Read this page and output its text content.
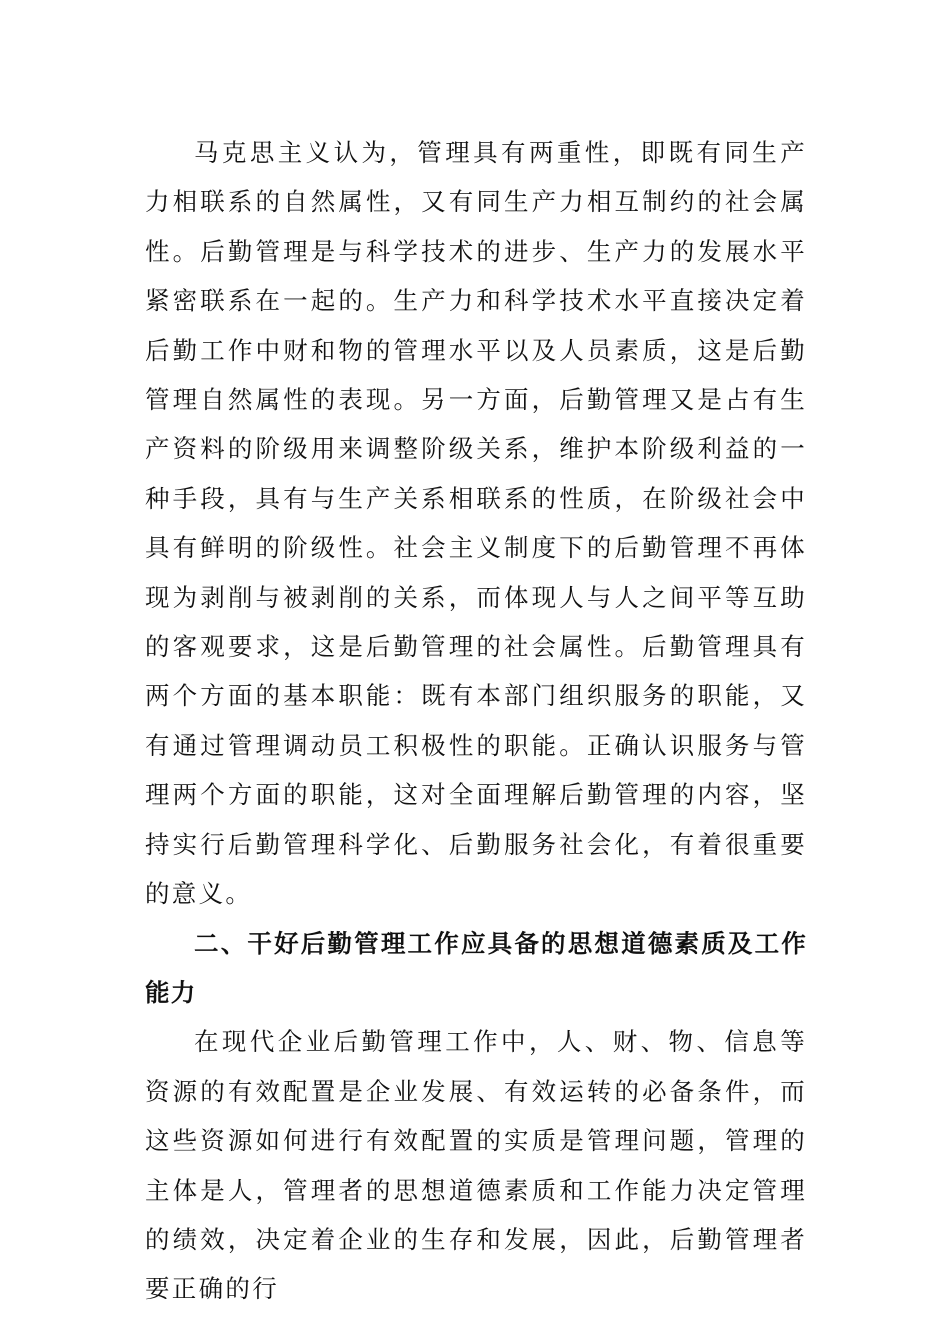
马克思主义认为，管理具有两重性，即既有同生产力相联系的自然属性，又有同生产力相互制约的社会属性。后勤管理是与科学技术的进步、生产力的发展水平紧密联系在一起的。生产力和科学技术水平直接决定着后勤工作中财和物的管理水平以及人员素质，这是后勤管理自然属性的表现。另一方面，后勤管理又是占有生产资料的阶级用来调整阶级关系，维护本阶级利益的一种手段，具有与生产关系相联系的性质，在阶级社会中具有鲜明的阶级性。社会主义制度下的后勤管理不再体现为剥削与被剥削的关系，而体现人与人之间平等互助的客观要求，这是后勤管理的社会属性。后勤管理具有两个方面的基本职能：既有本部门组织服务的职能，又有通过管理调动员工积极性的职能。正确认识服务与管理两个方面的职能，这对全面理解后勤管理的内容，坚持实行后勤管理科学化、后勤服务社会化，有着很重要的意义。

二、干好后勤管理工作应具备的思想道德素质及工作能力

在现代企业后勤管理工作中，人、财、物、信息等资源的有效配置是企业发展、有效运转的必备条件，而这些资源如何进行有效配置的实质是管理问题，管理的主体是人，管理者的思想道德素质和工作能力决定管理的绩效，决定着企业的生存和发展，因此，后勤管理者要正确的行
